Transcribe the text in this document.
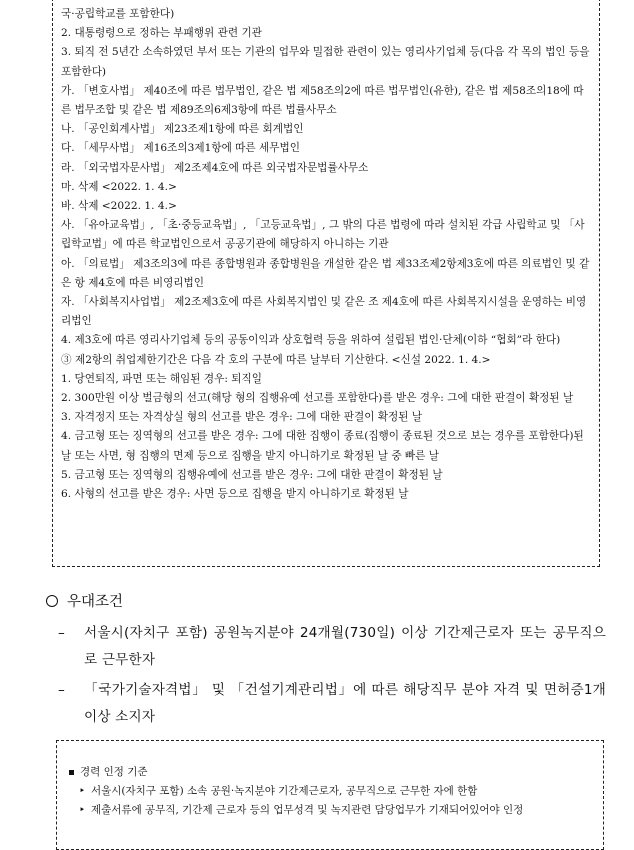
국·공립학교를 포함한다)

2. 대통령령으로 정하는 부패행위 관련 기관

3. 퇴직 전 5년간 소속하였던 부서 또는 기관의 업무와 밀접한 관련이 있는 영리사기업체 등(다음 각 목의 법인 등을 포함한다)

가. 「변호사법」 제40조에 따른 법무법인, 같은 법 제58조의2에 따른 법무법인(유한), 같은 법 제58조의18에 따른 법무조합 및 같은 법 제89조의6제3항에 따른 법률사무소

나. 「공인회계사법」 제23조제1항에 따른 회계법인

다. 「세무사법」 제16조의3제1항에 따른 세무법인

라. 「외국법자문사법」 제2조제4호에 따른 외국법자문법률사무소

마. 삭제 <2022. 1. 4.>

바. 삭제 <2022. 1. 4.>

사. 「유아교육법」, 「초·중등교육법」, 「고등교육법」, 그 밖의 다른 법령에 따라 설치된 각급 사립학교 및 「사립학교법」에 따른 학교법인으로서 공공기관에 해당하지 아니하는 기관

아. 「의료법」 제3조의3에 따른 종합병원과 종합병원을 개설한 같은 법 제33조제2항제3호에 따른 의료법인 및 같은 항 제4호에 따른 비영리법인

자. 「사회복지사업법」 제2조제3호에 따른 사회복지법인 및 같은 조 제4호에 따른 사회복지시설을 운영하는 비영리법인

4. 제3호에 따른 영리사기업체 등의 공동이익과 상호협력 등을 위하여 설립된 법인·단체(이하 “협회”라 한다)

③ 제2항의 취업제한기간은 다음 각 호의 구분에 따른 날부터 기산한다. <신설 2022. 1. 4.>

1. 당연퇴직, 파면 또는 해임된 경우: 퇴직일

2. 300만원 이상 벌금형의 선고(해당 형의 집행유예 선고를 포함한다)를 받은 경우: 그에 대한 판결이 확정된 날

3. 자격정지 또는 자격상실 형의 선고를 받은 경우: 그에 대한 판결이 확정된 날

4. 금고형 또는 징역형의 선고를 받은 경우: 그에 대한 집행이 종료(집행이 종료된 것으로 보는 경우를 포함한다)된 날 또는 사면, 형 집행의 면제 등으로 집행을 받지 아니하기로 확정된 날 중 빠른 날

5. 금고형 또는 징역형의 집행유예에 선고를 받은 경우: 그에 대한 판결이 확정된 날

6. 사형의 선고를 받은 경우: 사면 등으로 집행을 받지 아니하기로 확정된 날

우대조건
–	서울시(자치구 포함) 공원녹지분야 24개월(730일) 이상 기간제근로자 또는 공무직으로 근무한자
–	「국가기술자격법」 및 「건설기계관리법」에 따른 해당직무 분야 자격 및 면허증1개 이상 소지자
경력 인정 기준
‣ 서울시(자치구 포함) 소속 공원·녹지분야 기간제근로자, 공무직으로 근무한 자에 한함
‣ 제출서류에 공무직, 기간제 근로자 등의 업무성격 및 녹지관련 담당업무가 기재되어있어야 인정
